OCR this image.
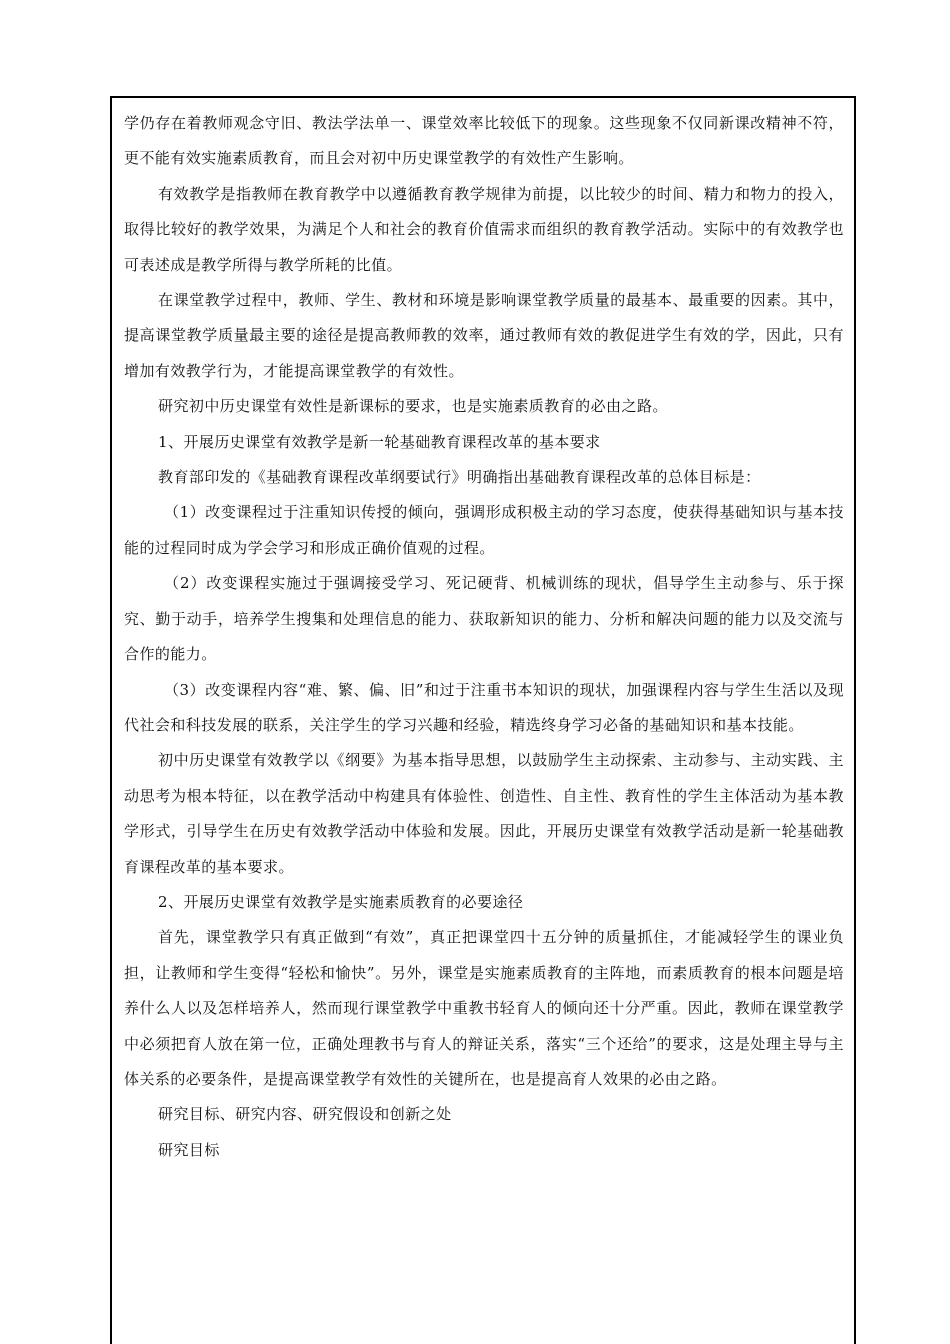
学仍存在着教师观念守旧、教法学法单一、课堂效率比较低下的现象。这些现象不仅同新课改精神不符，更不能有效实施素质教育，而且会对初中历史课堂教学的有效性产生影响。

有效教学是指教师在教育教学中以遵循教育教学规律为前提，以比较少的时间、精力和物力的投入，取得比较好的教学效果，为满足个人和社会的教育价值需求而组织的教育教学活动。实际中的有效教学也可表述成是教学所得与教学所耗的比值。

在课堂教学过程中，教师、学生、教材和环境是影响课堂教学质量的最基本、最重要的因素。其中，提高课堂教学质量最主要的途径是提高教师教的效率，通过教师有效的教促进学生有效的学，因此，只有增加有效教学行为，才能提高课堂教学的有效性。

研究初中历史课堂有效性是新课标的要求，也是实施素质教育的必由之路。

1、开展历史课堂有效教学是新一轮基础教育课程改革的基本要求

教育部印发的《基础教育课程改革纲要试行》明确指出基础教育课程改革的总体目标是：

（1）改变课程过于注重知识传授的倾向，强调形成积极主动的学习态度，使获得基础知识与基本技能的过程同时成为学会学习和形成正确价值观的过程。

（2）改变课程实施过于强调接受学习、死记硬背、机械训练的现状，倡导学生主动参与、乐于探究、勤于动手，培养学生搜集和处理信息的能力、获取新知识的能力、分析和解决问题的能力以及交流与合作的能力。

（3）改变课程内容“难、繁、偏、旧”和过于注重书本知识的现状，加强课程内容与学生生活以及现代社会和科技发展的联系，关注学生的学习兴趣和经验，精选终身学习必备的基础知识和基本技能。

初中历史课堂有效教学以《纲要》为基本指导思想，以鼓励学生主动探索、主动参与、主动实践、主动思考为根本特征，以在教学活动中构建具有体验性、创造性、自主性、教育性的学生主体活动为基本教学形式，引导学生在历史有效教学活动中体验和发展。因此，开展历史课堂有效教学活动是新一轮基础教育课程改革的基本要求。

2、开展历史课堂有效教学是实施素质教育的必要途径

首先，课堂教学只有真正做到“有效”，真正把课堂四十五分钟的质量抓住，才能减轻学生的课业负担，让教师和学生变得“轻松和愉快”。另外，课堂是实施素质教育的主阵地，而素质教育的根本问题是培养什么人以及怎样培养人，然而现行课堂教学中重教书轻育人的倾向还十分严重。因此，教师在课堂教学中必须把育人放在第一位，正确处理教书与育人的辩证关系，落实“三个还给”的要求，这是处理主导与主体关系的必要条件，是提高课堂教学有效性的关键所在，也是提高育人效果的必由之路。

研究目标、研究内容、研究假设和创新之处

研究目标
